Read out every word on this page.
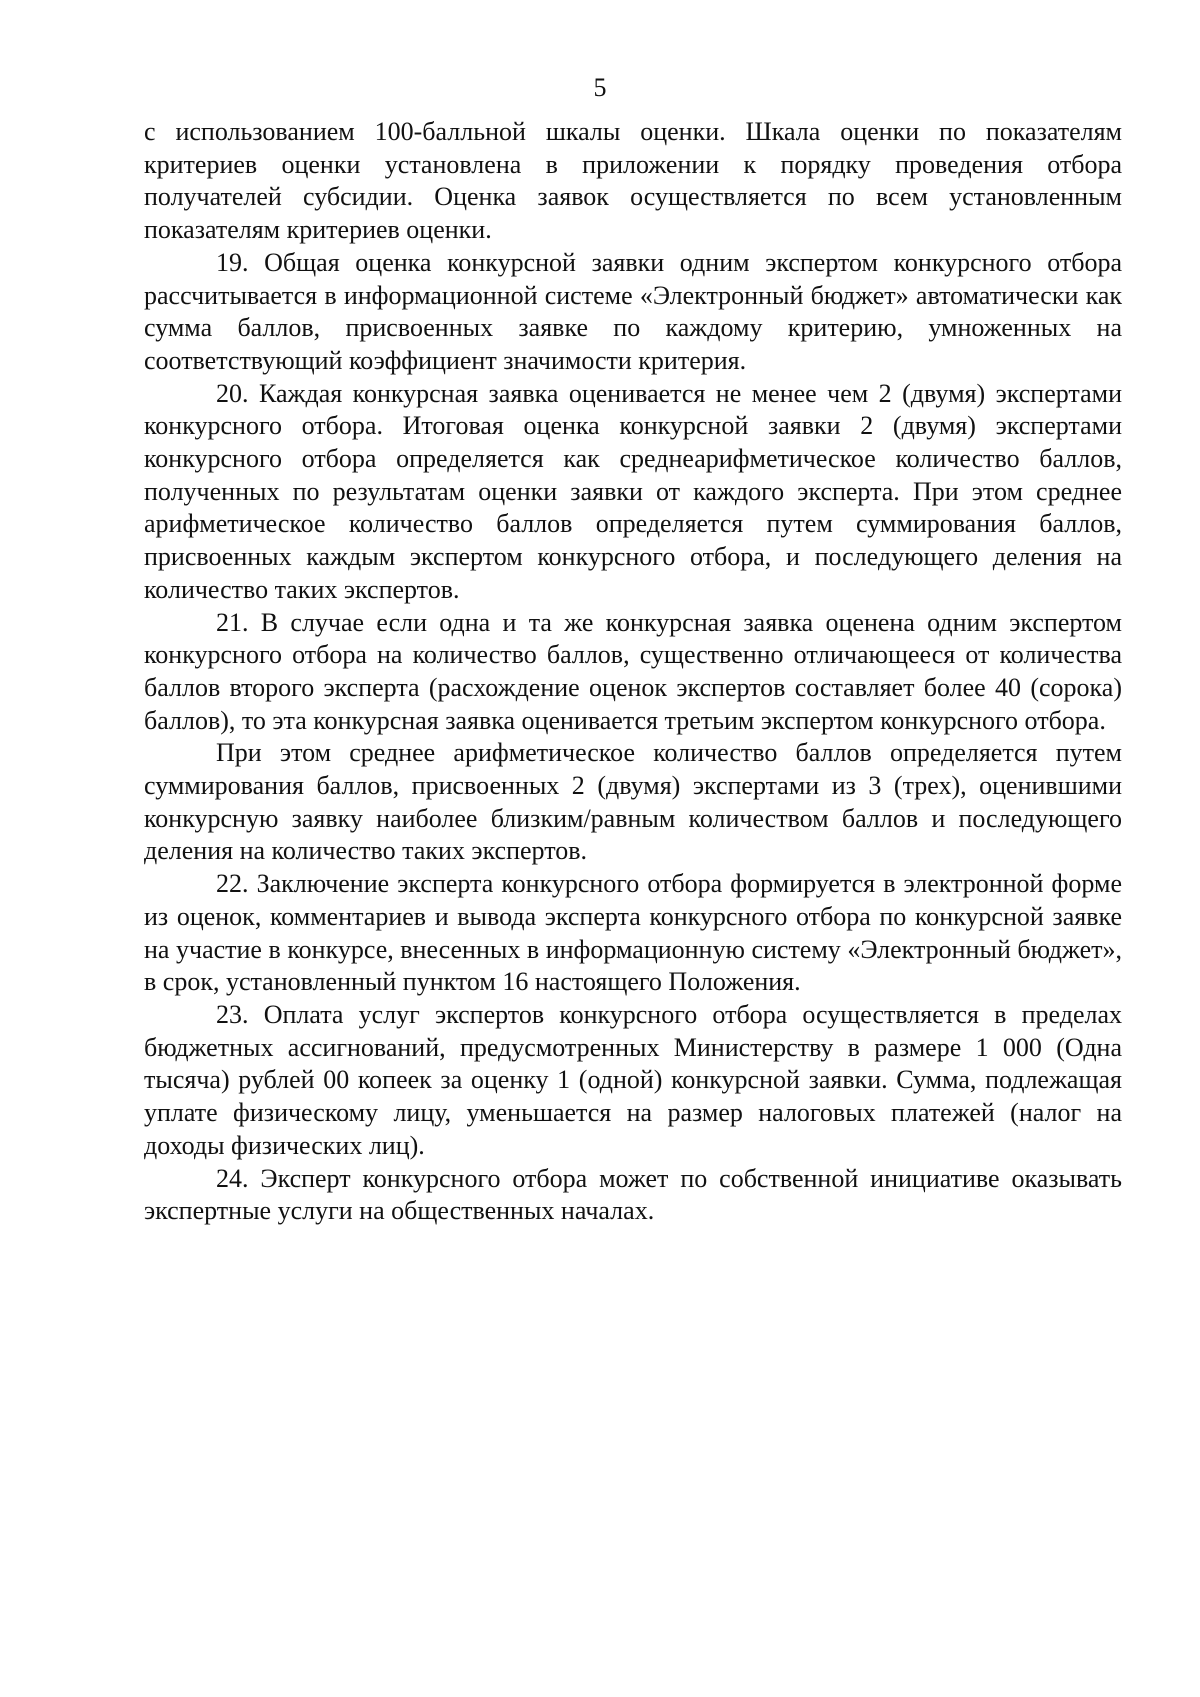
5

с использованием 100-балльной шкалы оценки. Шкала оценки по показателям критериев оценки установлена в приложении к порядку проведения отбора получателей субсидии. Оценка заявок осуществляется по всем установленным показателям критериев оценки.

19. Общая оценка конкурсной заявки одним экспертом конкурсного отбора рассчитывается в информационной системе «Электронный бюджет» автоматически как сумма баллов, присвоенных заявке по каждому критерию, умноженных на соответствующий коэффициент значимости критерия.

20. Каждая конкурсная заявка оценивается не менее чем 2 (двумя) экспертами конкурсного отбора. Итоговая оценка конкурсной заявки 2 (двумя) экспертами конкурсного отбора определяется как среднеарифметическое количество баллов, полученных по результатам оценки заявки от каждого эксперта. При этом среднее арифметическое количество баллов определяется путем суммирования баллов, присвоенных каждым экспертом конкурсного отбора, и последующего деления на количество таких экспертов.

21. В случае если одна и та же конкурсная заявка оценена одним экспертом конкурсного отбора на количество баллов, существенно отличающееся от количества баллов второго эксперта (расхождение оценок экспертов составляет более 40 (сорока) баллов), то эта конкурсная заявка оценивается третьим экспертом конкурсного отбора.

При этом среднее арифметическое количество баллов определяется путем суммирования баллов, присвоенных 2 (двумя) экспертами из 3 (трех), оценившими конкурсную заявку наиболее близким/равным количеством баллов и последующего деления на количество таких экспертов.

22. Заключение эксперта конкурсного отбора формируется в электронной форме из оценок, комментариев и вывода эксперта конкурсного отбора по конкурсной заявке на участие в конкурсе, внесенных в информационную систему «Электронный бюджет», в срок, установленный пунктом 16 настоящего Положения.

23. Оплата услуг экспертов конкурсного отбора осуществляется в пределах бюджетных ассигнований, предусмотренных Министерству в размере 1 000 (Одна тысяча) рублей 00 копеек за оценку 1 (одной) конкурсной заявки. Сумма, подлежащая уплате физическому лицу, уменьшается на размер налоговых платежей (налог на доходы физических лиц).

24. Эксперт конкурсного отбора может по собственной инициативе оказывать экспертные услуги на общественных началах.
